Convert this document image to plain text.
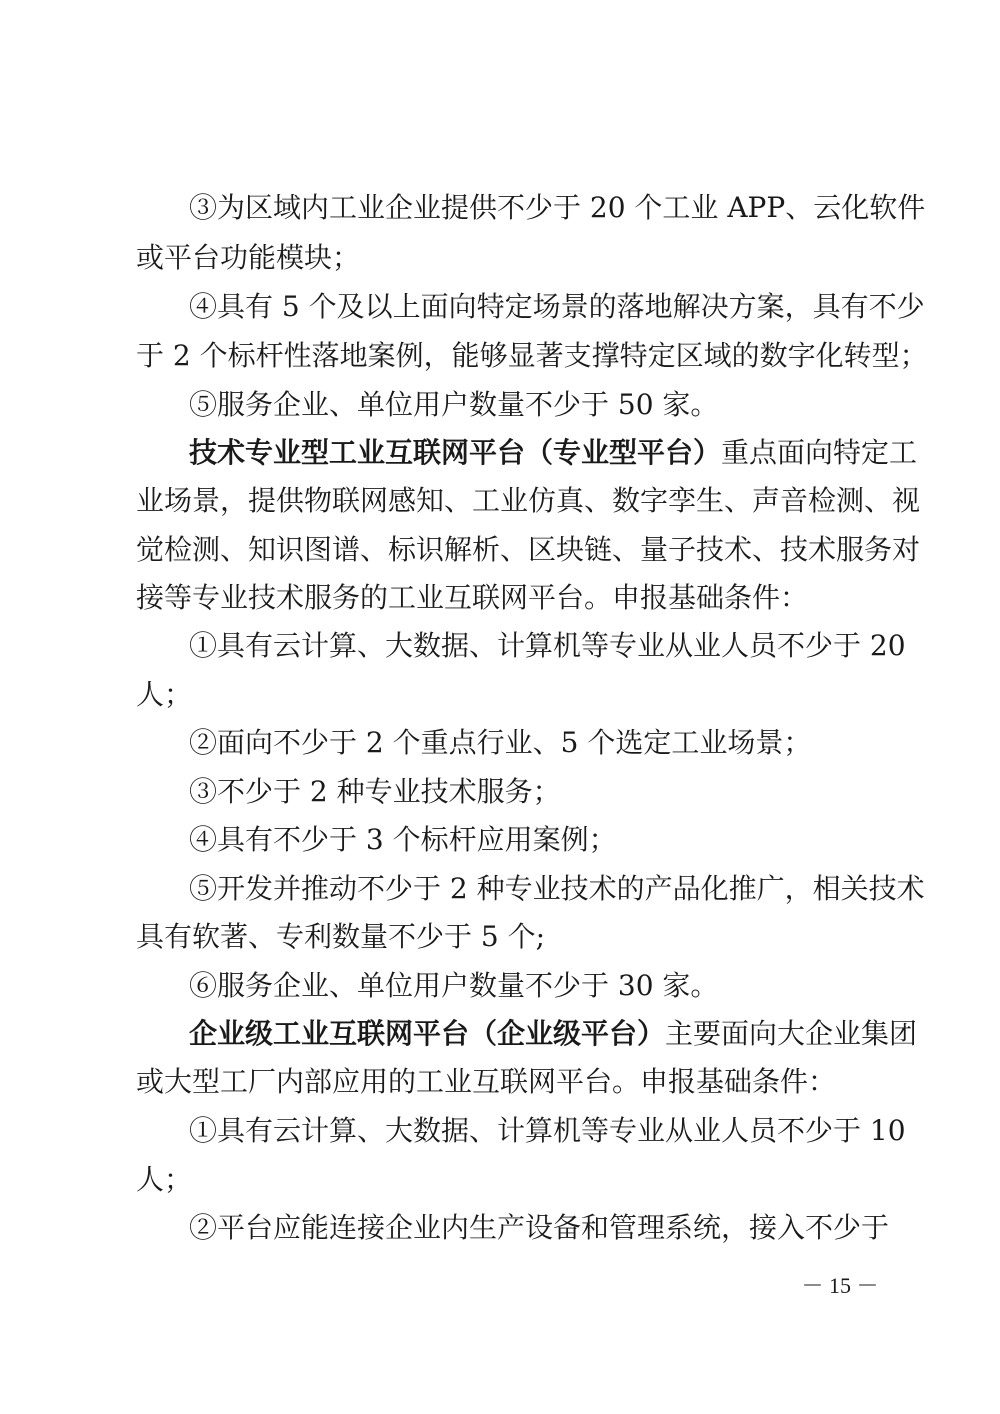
③为区域内工业企业提供不少于 20 个工业 APP、云化软件
或平台功能模块；
④具有 5 个及以上面向特定场景的落地解决方案，具有不少
于 2 个标杆性落地案例，能够显著支撑特定区域的数字化转型；
⑤服务企业、单位用户数量不少于 50 家。
技术专业型工业互联网平台（专业型平台）重点面向特定工
业场景，提供物联网感知、工业仿真、数字孪生、声音检测、视
觉检测、知识图谱、标识解析、区块链、量子技术、技术服务对
接等专业技术服务的工业互联网平台。申报基础条件：
①具有云计算、大数据、计算机等专业从业人员不少于 20
人；
②面向不少于 2 个重点行业、5 个选定工业场景；
③不少于 2 种专业技术服务；
④具有不少于 3 个标杆应用案例；
⑤开发并推动不少于 2 种专业技术的产品化推广，相关技术
具有软著、专利数量不少于 5 个;
⑥服务企业、单位用户数量不少于 30 家。
企业级工业互联网平台（企业级平台）主要面向大企业集团
或大型工厂内部应用的工业互联网平台。申报基础条件：
①具有云计算、大数据、计算机等专业从业人员不少于 10
人；
②平台应能连接企业内生产设备和管理系统，接入不少于
－ 15 －
